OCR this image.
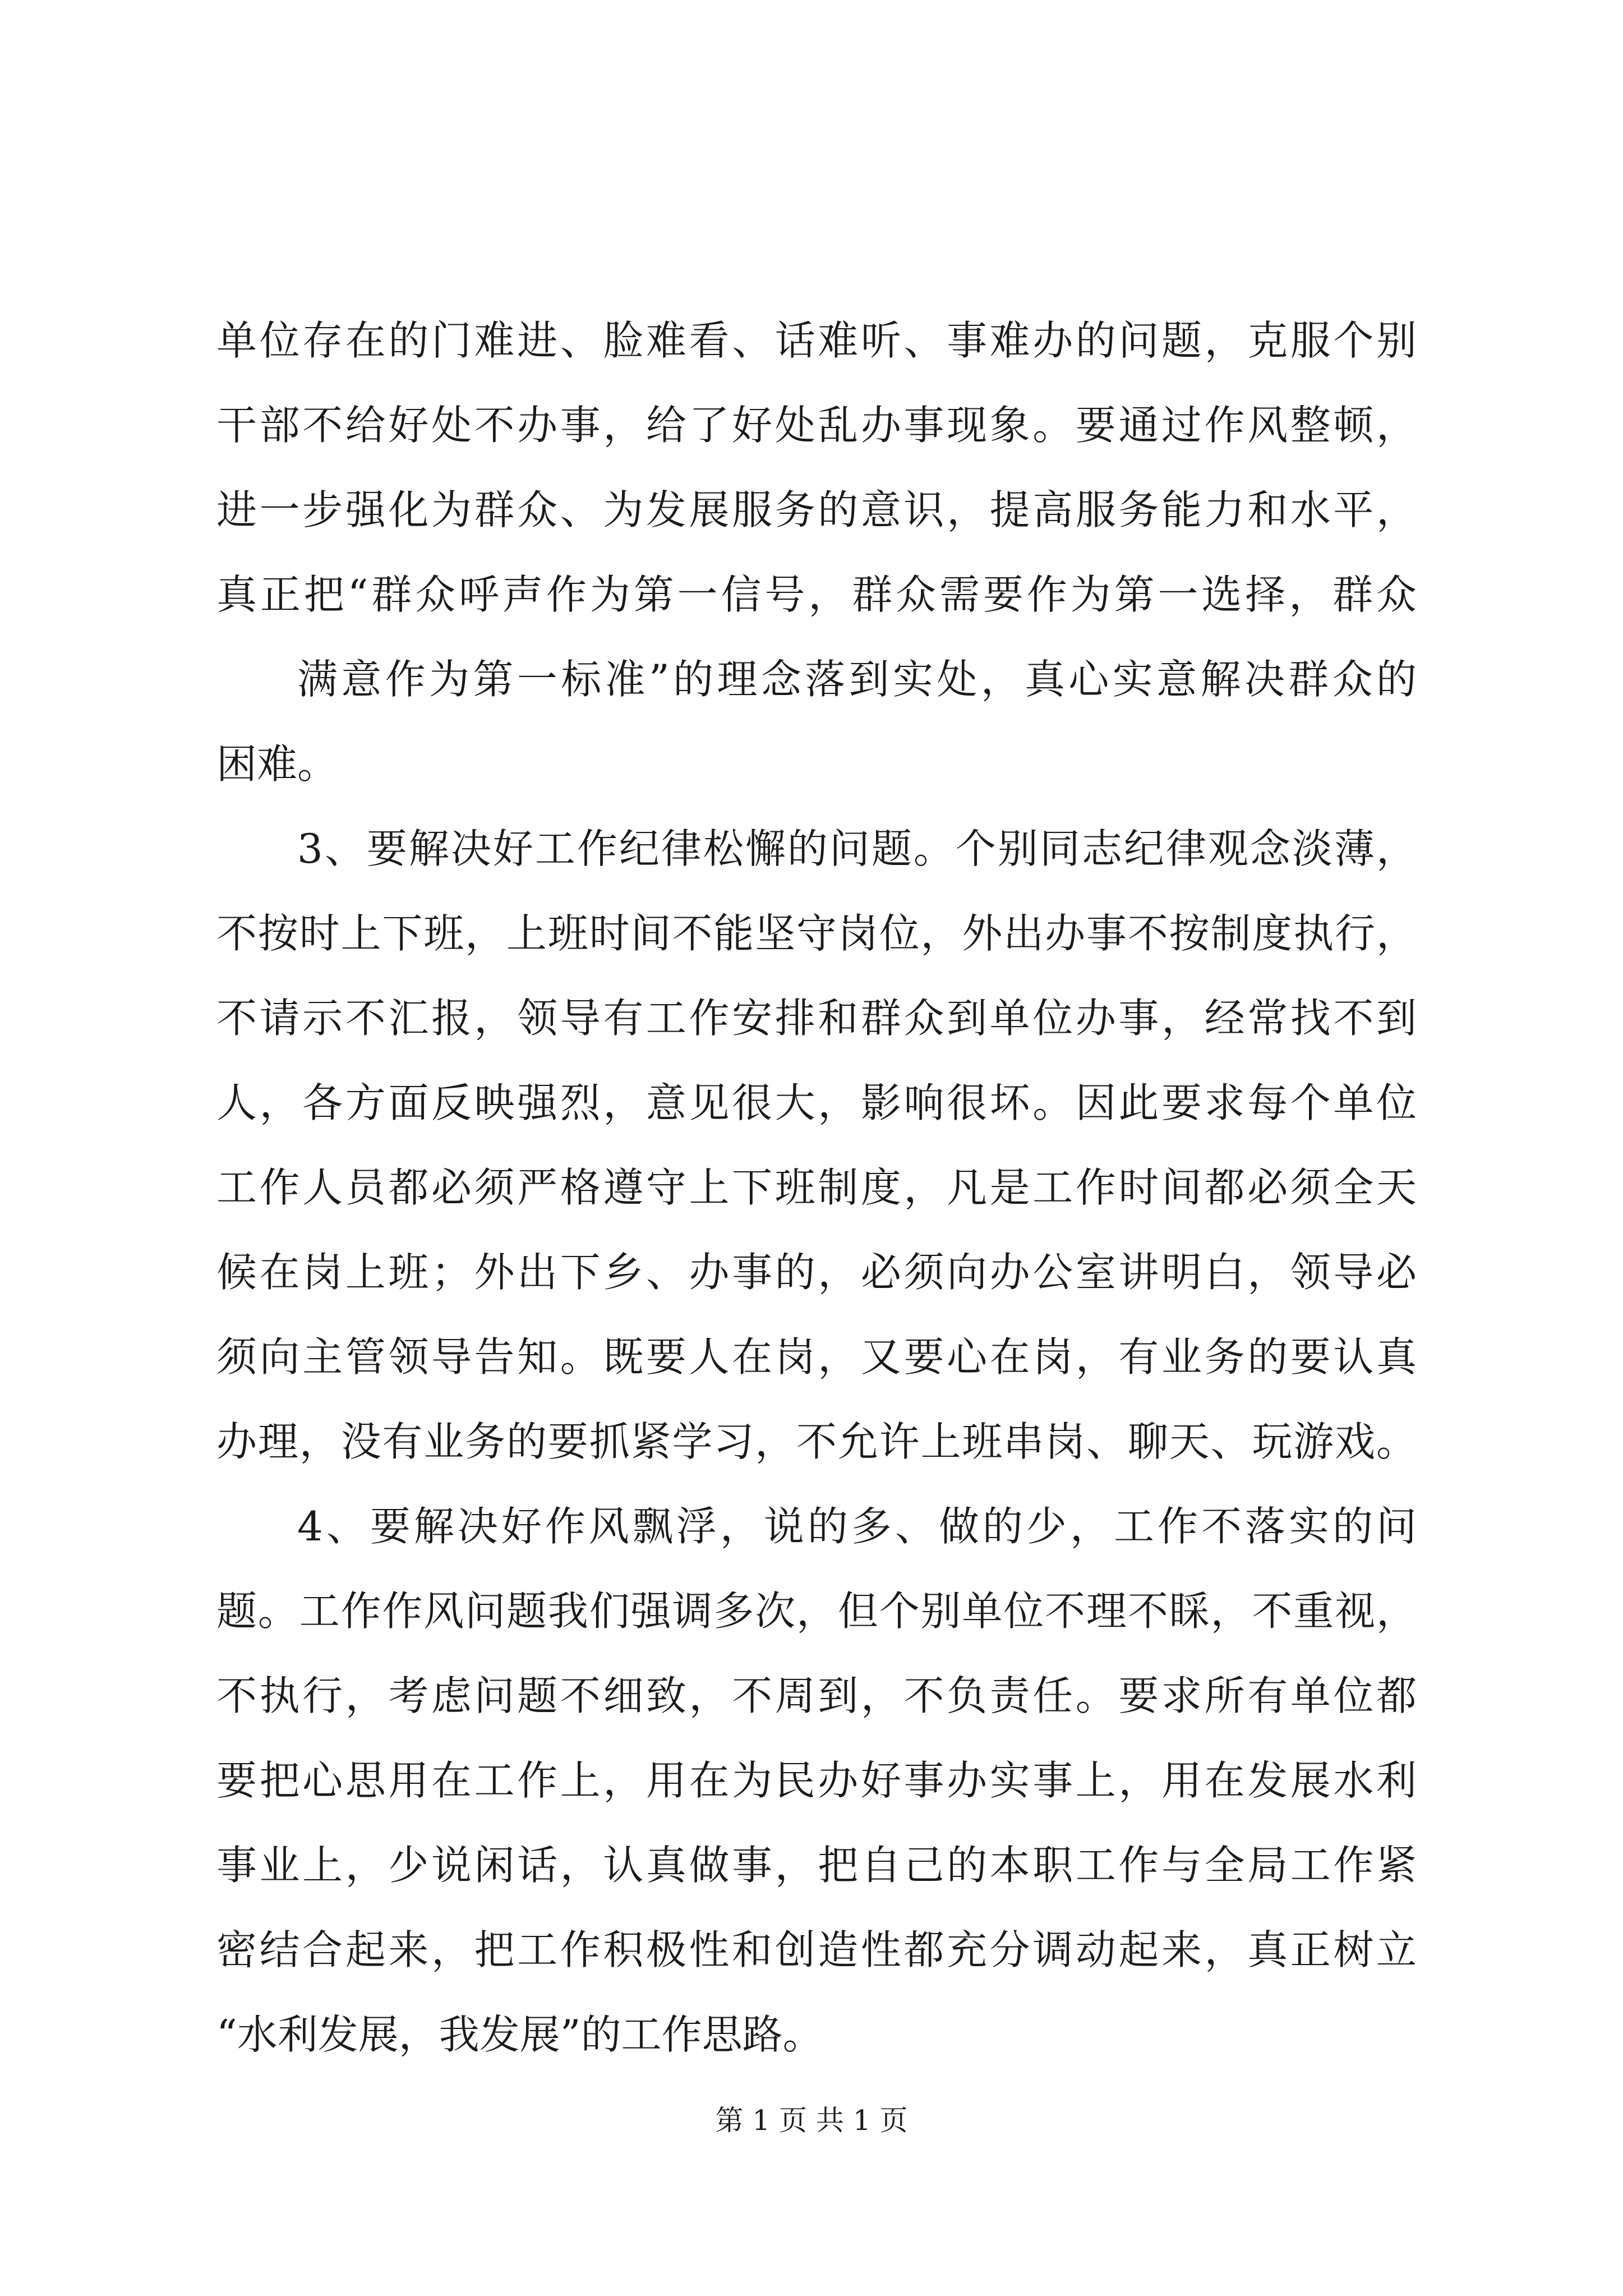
单位存在的门难进、脸难看、话难听、事难办的问题，克服个别
干部不给好处不办事，给了好处乱办事现象。要通过作风整顿，
进一步强化为群众、为发展服务的意识，提高服务能力和水平，
真正把“群众呼声作为第一信号，群众需要作为第一选择，群众
满意作为第一标准”的理念落到实处，真心实意解决群众的
困难。
3、要解决好工作纪律松懈的问题。个别同志纪律观念淡薄，
不按时上下班，上班时间不能坚守岗位，外出办事不按制度执行，
不请示不汇报，领导有工作安排和群众到单位办事，经常找不到
人，各方面反映强烈，意见很大，影响很坏。因此要求每个单位
工作人员都必须严格遵守上下班制度，凡是工作时间都必须全天
候在岗上班；外出下乡、办事的，必须向办公室讲明白，领导必
须向主管领导告知。既要人在岗，又要心在岗，有业务的要认真
办理，没有业务的要抓紧学习，不允许上班串岗、聊天、玩游戏。
4、要解决好作风飘浮，说的多、做的少，工作不落实的问
题。工作作风问题我们强调多次，但个别单位不理不睬，不重视，
不执行，考虑问题不细致，不周到，不负责任。要求所有单位都
要把心思用在工作上，用在为民办好事办实事上，用在发展水利
事业上，少说闲话，认真做事，把自己的本职工作与全局工作紧
密结合起来，把工作积极性和创造性都充分调动起来，真正树立
“水利发展，我发展”的工作思路。
第 1 页 共 1 页
